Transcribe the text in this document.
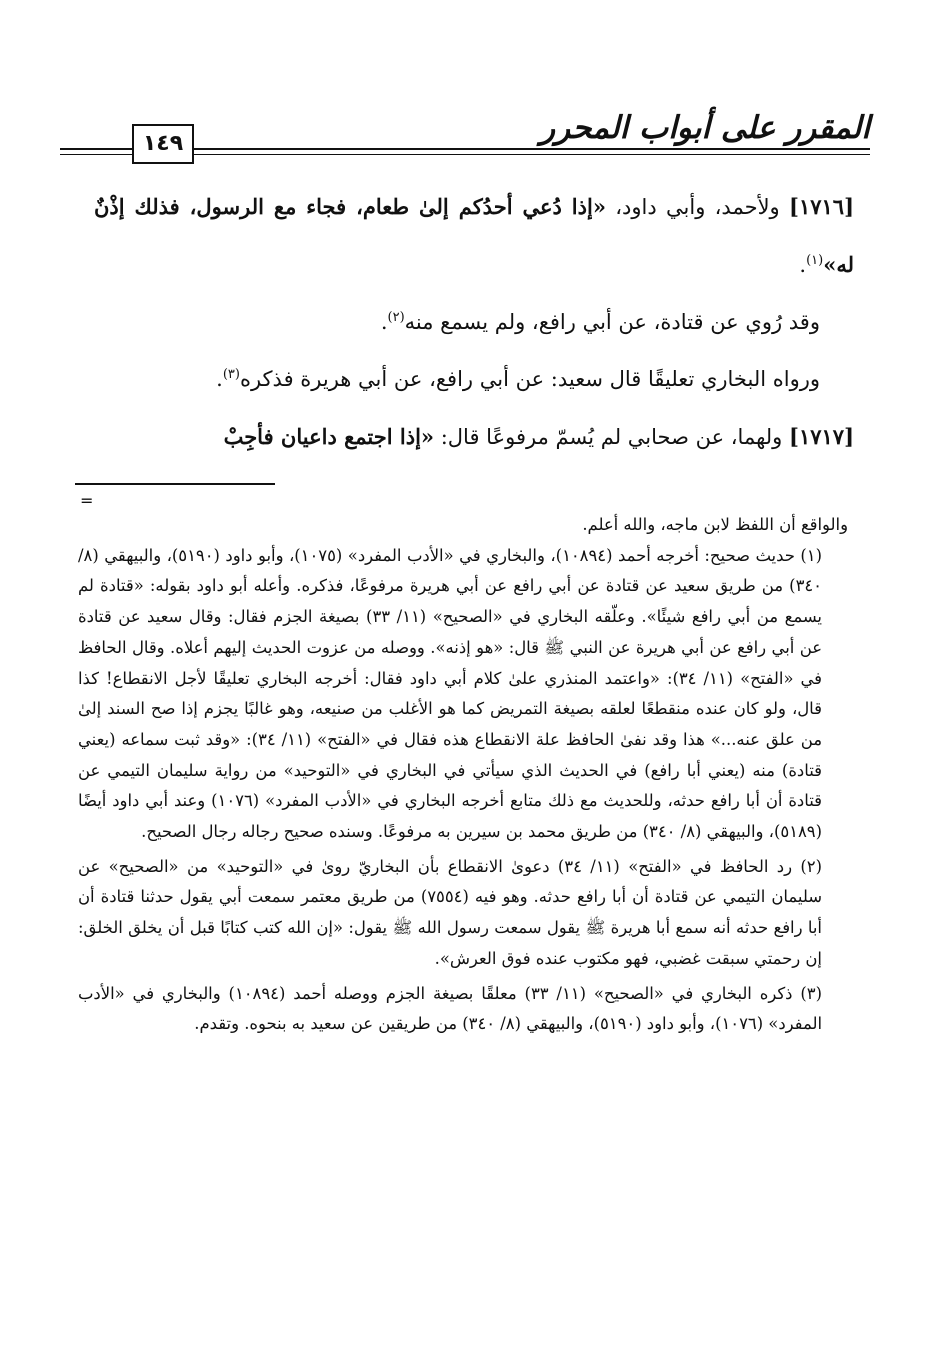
المقرر على أبواب المحرر
١٤٩

[١٧١٦] ولأحمد، وأبي داود، «إذا دُعي أحدُكم إلىٰ طعام، فجاء مع الرسول، فذلك إذْنٌ له»$^{(١)}$.

وقد رُوي عن قتادة، عن أبي رافع، ولم يسمع منه$^{(٢)}$.

ورواه البخاري تعليقًا قال سعيد: عن أبي رافع، عن أبي هريرة فذكره$^{(٣)}$.

[١٧١٧] ولهما، عن صحابي لم يُسمّ مرفوعًا قال: «إذا اجتمع داعيان فأجِبْ

=

والواقع أن اللفظ لابن ماجه، والله أعلم.

(١) حديث صحيح: أخرجه أحمد (١٠٨٩٤)، والبخاري في «الأدب المفرد» (١٠٧٥)، وأبو داود (٥١٩٠)، والبيهقي (٨/ ٣٤٠) من طريق سعيد عن قتادة عن أبي رافع عن أبي هريرة مرفوعًا، فذكره. وأعله أبو داود بقوله: «قتادة لم يسمع من أبي رافع شيئًا». وعلّقه البخاري في «الصحيح» (١١/ ٣٣) بصيغة الجزم فقال: وقال سعيد عن قتادة عن أبي رافع عن أبي هريرة عن النبي ﷺ قال: «هو إذنه». ووصله من عزوت الحديث إليهم أعلاه. وقال الحافظ في «الفتح» (١١/ ٣٤): «واعتمد المنذري علىٰ كلام أبي داود فقال: أخرجه البخاري تعليقًا لأجل الانقطاع! كذا قال، ولو كان عنده منقطعًا لعلقه بصيغة التمريض كما هو الأغلب من صنيعه، وهو غالبًا يجزم إذا صح السند إلىٰ من علق عنه...» هذا وقد نفىٰ الحافظ علة الانقطاع هذه فقال في «الفتح» (١١/ ٣٤): «وقد ثبت سماعه (يعني قتادة) منه (يعني أبا رافع) في الحديث الذي سيأتي في البخاري في «التوحيد» من رواية سليمان التيمي عن قتادة أن أبا رافع حدثه، وللحديث مع ذلك متابع أخرجه البخاري في «الأدب المفرد» (١٠٧٦) وعند أبي داود أيضًا (٥١٨٩)، والبيهقي (٨/ ٣٤٠) من طريق محمد بن سيرين به مرفوعًا. وسنده صحيح رجاله رجال الصحيح.

(٢) رد الحافظ في «الفتح» (١١/ ٣٤) دعوىٰ الانقطاع بأن البخاريّ روىٰ في «التوحيد» من «الصحيح» عن سليمان التيمي عن قتادة أن أبا رافع حدثه. وهو فيه (٧٥٥٤) من طريق معتمر سمعت أبي يقول حدثنا قتادة أن أبا رافع حدثه أنه سمع أبا هريرة ﷺ يقول سمعت رسول الله ﷺ يقول: «إن الله كتب كتابًا قبل أن يخلق الخلق: إن رحمتي سبقت غضبي، فهو مكتوب عنده فوق العرش».

(٣) ذكره البخاري في «الصحيح» (١١/ ٣٣) معلقًا بصيغة الجزم ووصله أحمد (١٠٨٩٤) والبخاري في «الأدب المفرد» (١٠٧٦)، وأبو داود (٥١٩٠)، والبيهقي (٨/ ٣٤٠) من طريقين عن سعيد به بنحوه. وتقدم.
